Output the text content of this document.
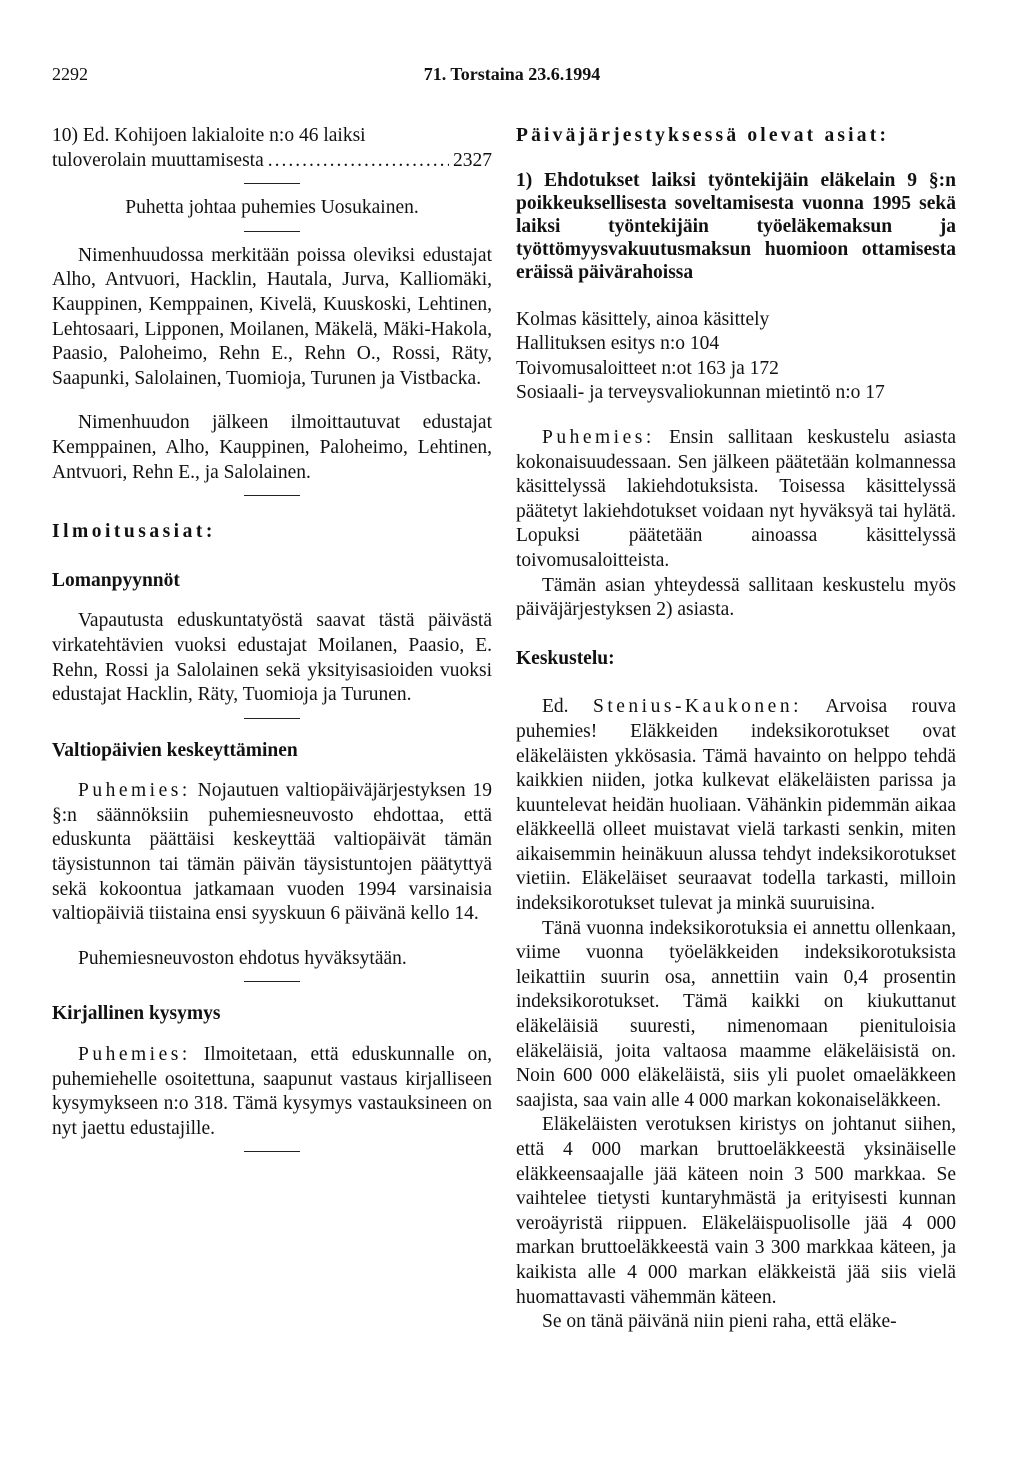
2292	71. Torstaina 23.6.1994

10) Ed. Kohijoen lakialoite n:o 46 laiksi

tuloverolain muuttamisesta
.....	2327

Puhetta johtaa puhemies Uosukainen.

Nimenhuudossa merkitään poissa oleviksi edustajat Alho, Antvuori, Hacklin, Hautala, Jurva, Kalliomäki, Kauppinen, Kemppainen, Kivelä, Kuuskoski, Lehtinen, Lehtosaari, Lipponen, Moilanen, Mäkelä, Mäki-Hakola, Paasio, Paloheimo, Rehn E., Rehn O., Rossi, Räty, Saapunki, Salolainen, Tuomioja, Turunen ja Vistbacka.

Nimenhuudon jälkeen ilmoittautuvat edustajat Kemppainen, Alho, Kauppinen, Paloheimo, Lehtinen, Antvuori, Rehn E., ja Salolainen.

Ilmoitusasiat:

Lomanpyynnöt

Vapautusta eduskuntatyöstä saavat tästä päivästä virkatehtävien vuoksi edustajat Moilanen, Paasio, E. Rehn, Rossi ja Salolainen sekä yksityisasioiden vuoksi edustajat Hacklin, Räty, Tuomioja ja Turunen.

Valtiopäivien keskeyttäminen

Puhemies: Nojautuen valtiopäiväjärjestyksen 19 §:n säännöksiin puhemiesneuvosto ehdottaa, että eduskunta päättäisi keskeyttää valtiopäivät tämän täysistunnon tai tämän päivän täysistuntojen päätyttyä sekä kokoontua jatkamaan vuoden 1994 varsinaisia valtiopäiviä tiistaina ensi syyskuun 6 päivänä kello 14.

Puhemiesneuvoston ehdotus hyväksytään.

Kirjallinen kysymys

Puhemies: Ilmoitetaan, että eduskunnalle on, puhemiehelle osoitettuna, saapunut vastaus kirjalliseen kysymykseen n:o 318. Tämä kysymys vastauksineen on nyt jaettu edustajille.

Päiväjärjestyksessä olevat asiat:

1) Ehdotukset laiksi työntekijäin eläkelain 9 §:n poikkeuksellisesta soveltamisesta vuonna 1995 sekä laiksi työntekijäin työeläkemaksun ja työttömyysvakuutusmaksun huomioon ottamisesta eräissä päivärahoissa

Kolmas käsittely, ainoa käsittely

Hallituksen esitys n:o 104

Toivomusaloitteet n:ot 163 ja 172

Sosiaali- ja terveysvaliokunnan mietintö n:o 17

Puhemies: Ensin sallitaan keskustelu asiasta kokonaisuudessaan. Sen jälkeen päätetään kolmannessa käsittelyssä lakiehdotuksista. Toisessa käsittelyssä päätetyt lakiehdotukset voidaan nyt hyväksyä tai hylätä. Lopuksi päätetään ainoassa käsittelyssä toivomusaloitteista.

Tämän asian yhteydessä sallitaan keskustelu myös päiväjärjestyksen 2) asiasta.

Keskustelu:

Ed. Stenius-Kaukonen: Arvoisa rouva puhemies! Eläkkeiden indeksikorotukset ovat eläkeläisten ykkösasia. Tämä havainto on helppo tehdä kaikkien niiden, jotka kulkevat eläkeläisten parissa ja kuuntelevat heidän huoliaan. Vähänkin pidemmän aikaa eläkkeellä olleet muistavat vielä tarkasti senkin, miten aikaisemmin heinäkuun alussa tehdyt indeksikorotukset vietiin. Eläkeläiset seuraavat todella tarkasti, milloin indeksikorotukset tulevat ja minkä suuruisina.

Tänä vuonna indeksikorotuksia ei annettu ollenkaan, viime vuonna työeläkkeiden indeksikorotuksista leikattiin suurin osa, annettiin vain 0,4 prosentin indeksikorotukset. Tämä kaikki on kiukuttanut eläkeläisiä suuresti, nimenomaan pienituloisia eläkeläisiä, joita valtaosa maamme eläkeläisistä on. Noin 600 000 eläkeläistä, siis yli puolet omaeläkkeen saajista, saa vain alle 4 000 markan kokonaiseläkkeen.

Eläkeläisten verotuksen kiristys on johtanut siihen, että 4 000 markan bruttoeläkkeestä yksinäiselle eläkkeensaajalle jää käteen noin 3 500 markkaa. Se vaihtelee tietysti kuntaryhmästä ja erityisesti kunnan veroäyristä riippuen. Eläkeläispuolisolle jää 4 000 markan bruttoeläkkeestä vain 3 300 markkaa käteen, ja kaikista alle 4 000 markan eläkkeistä jää siis vielä huomattavasti vähemmän käteen.

Se on tänä päivänä niin pieni raha, että eläke-
